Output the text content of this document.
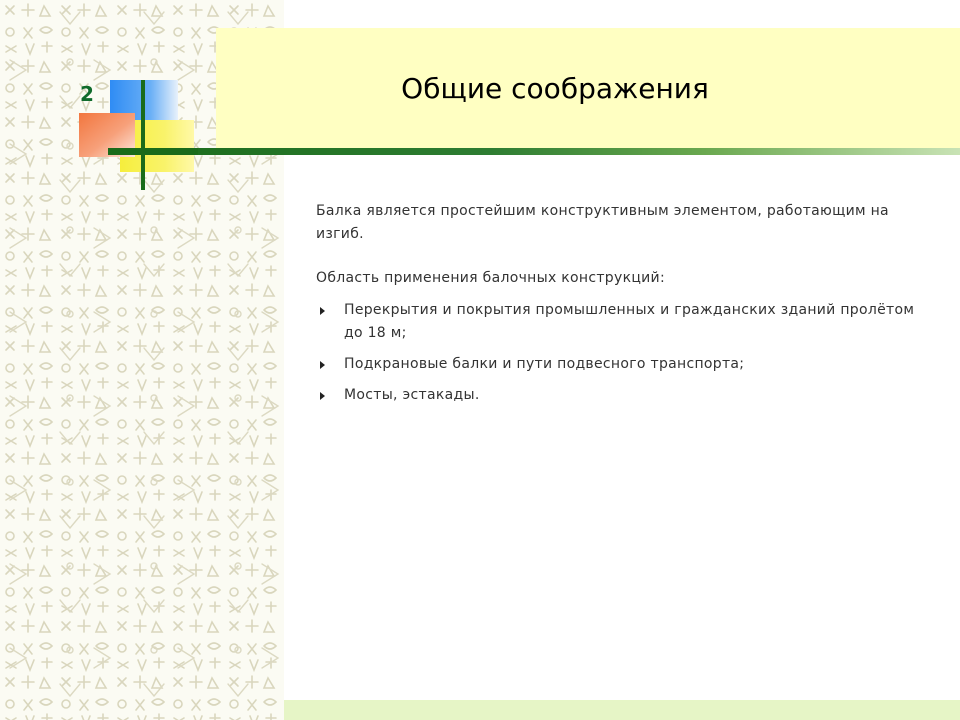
2	Общие соображения

Балка является простейшим конструктивным элементом, работающим на изгиб.

Область применения балочных конструкций:

Перекрытия и покрытия промышленных и гражданских зданий пролётом до 18 м;
Подкрановые балки и пути подвесного транспорта;
Мосты, эстакады.
